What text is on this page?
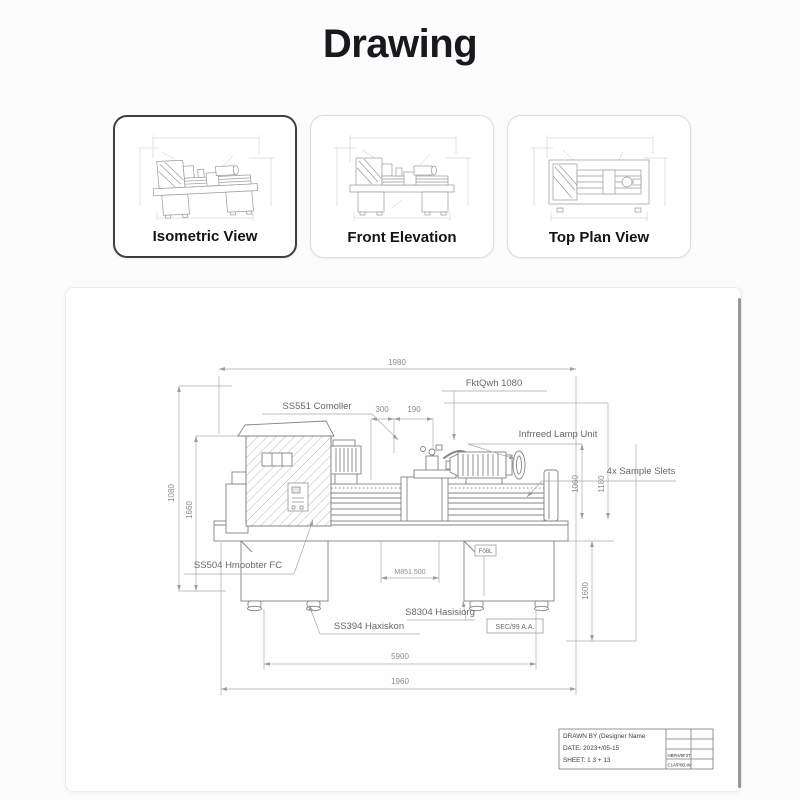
Drawing
Isometric View	Front Elevation	Top Plan View
1980
1080
1660
300 190
1060 1180
1600
M851 500
5900
1960
SS551 Comoller
FktQwh 1080
Infrreed Lamp Unit
4x Sample Slets
SS504 Hmoobter FC
SS394 Haxiskon
S8304 Hasisiorg
SEC/99 A.A.
F08L
DRAWN BY (Designer Name
DATE: 2023+/05-15
SHEET: 1 3 + 13
HBPH/9F3T
C1A/P0B.IN
